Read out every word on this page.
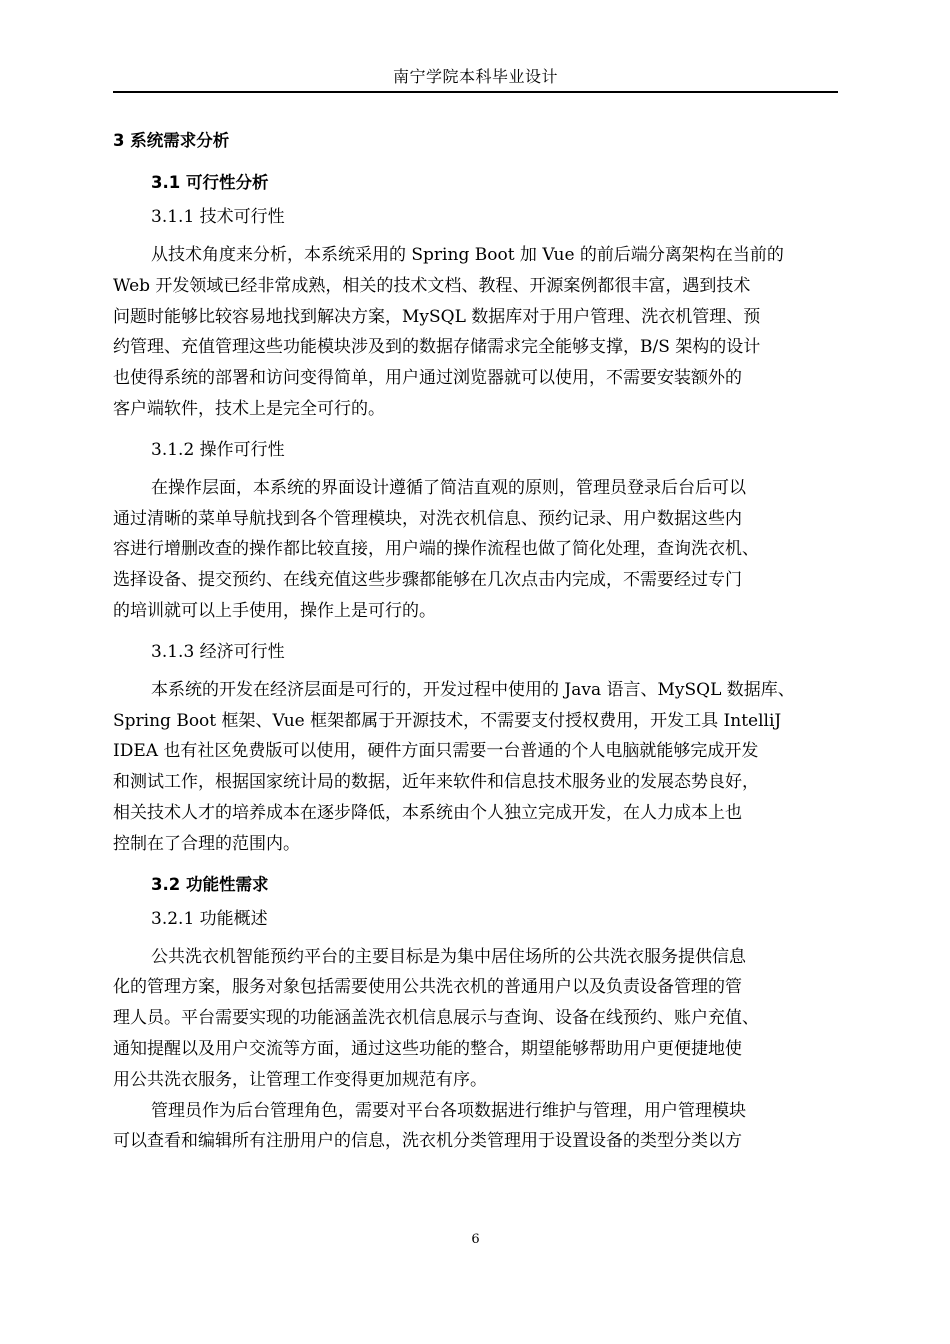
南宁学院本科毕业设计
3 系统需求分析
3.1 可行性分析
3.1.1 技术可行性
从技术角度来分析，本系统采用的 Spring Boot 加 Vue 的前后端分离架构在当前的
Web 开发领域已经非常成熟，相关的技术文档、教程、开源案例都很丰富，遇到技术
问题时能够比较容易地找到解决方案，MySQL 数据库对于用户管理、洗衣机管理、预
约管理、充值管理这些功能模块涉及到的数据存储需求完全能够支撑，B/S 架构的设计
也使得系统的部署和访问变得简单，用户通过浏览器就可以使用，不需要安装额外的
客户端软件，技术上是完全可行的。
3.1.2 操作可行性
在操作层面，本系统的界面设计遵循了简洁直观的原则，管理员登录后台后可以
通过清晰的菜单导航找到各个管理模块，对洗衣机信息、预约记录、用户数据这些内
容进行增删改查的操作都比较直接，用户端的操作流程也做了简化处理，查询洗衣机、
选择设备、提交预约、在线充值这些步骤都能够在几次点击内完成，不需要经过专门
的培训就可以上手使用，操作上是可行的。
3.1.3 经济可行性
本系统的开发在经济层面是可行的，开发过程中使用的 Java 语言、MySQL 数据库、
Spring Boot 框架、Vue 框架都属于开源技术，不需要支付授权费用，开发工具 IntelliJ
IDEA 也有社区免费版可以使用，硬件方面只需要一台普通的个人电脑就能够完成开发
和测试工作，根据国家统计局的数据，近年来软件和信息技术服务业的发展态势良好，
相关技术人才的培养成本在逐步降低，本系统由个人独立完成开发，在人力成本上也
控制在了合理的范围内。
3.2 功能性需求
3.2.1 功能概述
公共洗衣机智能预约平台的主要目标是为集中居住场所的公共洗衣服务提供信息
化的管理方案，服务对象包括需要使用公共洗衣机的普通用户以及负责设备管理的管
理人员。平台需要实现的功能涵盖洗衣机信息展示与查询、设备在线预约、账户充值、
通知提醒以及用户交流等方面，通过这些功能的整合，期望能够帮助用户更便捷地使
用公共洗衣服务，让管理工作变得更加规范有序。
管理员作为后台管理角色，需要对平台各项数据进行维护与管理，用户管理模块
可以查看和编辑所有注册用户的信息，洗衣机分类管理用于设置设备的类型分类以方
6
